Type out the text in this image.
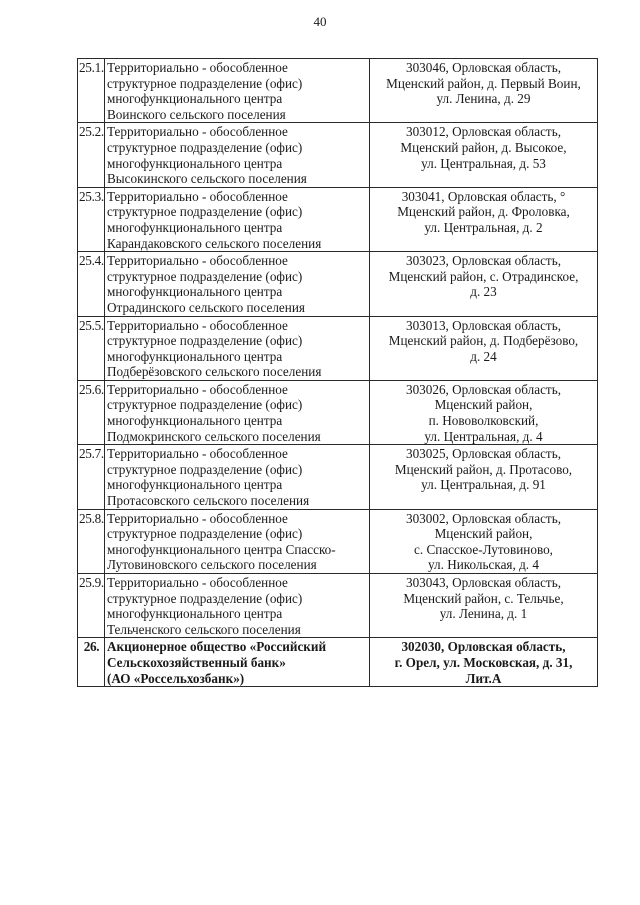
40
25.1.	Территориально - обособленное
структурное подразделение (офис)
многофункционального центра
Воинского сельского поселения	303046, Орловская область,
Мценский район, д. Первый Воин,
ул. Ленина, д. 29

25.2.	Территориально - обособленное
структурное подразделение (офис)
многофункционального центра
Высокинского сельского поселения	303012, Орловская область,
Мценский район, д. Высокое,
ул. Центральная, д. 53

25.3.	Территориально - обособленное
структурное подразделение (офис)
многофункционального центра
Карандаковского сельского поселения	303041, Орловская область, °
Мценский район, д. Фроловка,
ул. Центральная, д. 2

25.4.	Территориально - обособленное
структурное подразделение (офис)
многофункционального центра
Отрадинского сельского поселения	303023, Орловская область,
Мценский район, с. Отрадинское,
д. 23

25.5.	Территориально - обособленное
структурное подразделение (офис)
многофункционального центра
Подберёзовского сельского поселения	303013, Орловская область,
Мценский район, д. Подберёзово,
д. 24

25.6.	Территориально - обособленное
структурное подразделение (офис)
многофункционального центра
Подмокринского сельского поселения	303026, Орловская область,
Мценский район,
п. Нововолковский,
ул. Центральная, д. 4

25.7.	Территориально - обособленное
структурное подразделение (офис)
многофункционального центра
Протасовского сельского поселения	303025, Орловская область,
Мценский район, д. Протасово,
ул. Центральная, д. 91

25.8.	Территориально - обособленное
структурное подразделение (офис)
многофункционального центра Спасско-
Лутовиновского сельского поселения	303002, Орловская область,
Мценский район,
с. Спасское-Лутовиново,
ул. Никольская, д. 4

25.9.	Территориально - обособленное
структурное подразделение (офис)
многофункционального центра
Тельченского сельского поселения	303043, Орловская область,
Мценский район, с. Тельчье,
ул. Ленина, д. 1

26.	Акционерное общество «Российский
Сельскохозяйственный банк»
(АО «Россельхозбанк»)	302030, Орловская область,
г. Орел, ул. Московская, д. 31,
Лит.А
